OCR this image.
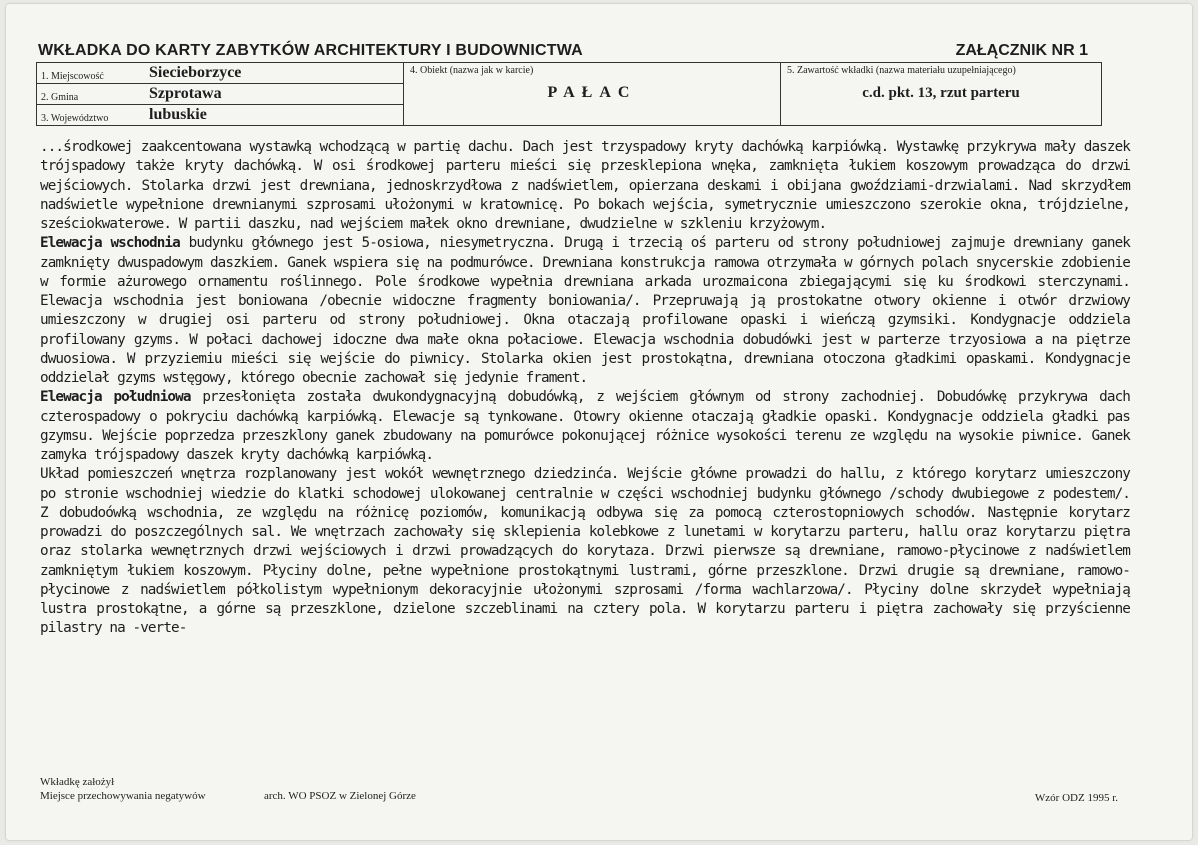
WKŁADKA DO KARTY ZABYTKÓW ARCHITEKTURY I BUDOWNICTWA	ZAŁĄCZNIK NR 1
1. Miejscowość	Siecieborzyce
2. Gmina	Szprotawa
3. Województwo	lubuskie

4. Obiekt (nazwa jak w karcie)
PAŁAC

5. Zawartość wkładki (nazwa materiału uzupełniającego)
c.d. pkt. 13, rzut parteru

...środkowej zaakcentowana wystawką wchodzącą w partię dachu. Dach jest trzyspadowy kryty dachówką karpiówką. Wystawkę przykrywa mały daszek trójspadowy także kryty dachówką. W osi środkowej parteru mieści się przesklepiona wnęka, zamknięta łukiem koszowym prowadząca do drzwi wejściowych. Stolarka drzwi jest drewniana, jednoskrzydłowa z nadświetlem, opierzana deskami i obijana gwoździami-drzwialami. Nad skrzydłem nadświetle wypełnione drewnianymi szprosami ułożonymi w kratownicę. Po bokach wejścia, symetrycznie umieszczono szerokie okna, trójdzielne, sześciokwaterowe. W partii daszku, nad wejściem małek okno drewniane, dwudzielne w szkleniu krzyżowym.

Elewacja wschodnia budynku głównego jest 5-osiowa, niesymetryczna. Drugą i trzecią oś parteru od strony południowej zajmuje drewniany ganek zamknięty dwuspadowym daszkiem. Ganek wspiera się na podmurówce. Drewniana konstrukcja ramowa otrzymała w górnych polach snycerskie zdobienie w formie ażurowego ornamentu roślinnego. Pole środkowe wypełnia drewniana arkada urozmaicona zbiegającymi się ku środkowi sterczynami. Elewacja wschodnia jest boniowana /obecnie widoczne fragmenty boniowania/. Przepruwają ją prostokatne otwory okienne i otwór drzwiowy umieszczony w drugiej osi parteru od strony południowej. Okna otaczają profilowane opaski i wieńczą gzymsiki. Kondygnacje oddziela profilowany gzyms. W połaci dachowej idoczne dwa małe okna połaciowe. Elewacja wschodnia dobudówki jest w parterze trzyosiowa a na piętrze dwuosiowa. W przyziemiu mieści się wejście do piwnicy. Stolarka okien jest prostokątna, drewniana otoczona gładkimi opaskami. Kondygnacje oddzielał gzyms wstęgowy, którego obecnie zachował się jedynie frament.

Elewacja południowa przesłonięta została dwukondygnacyjną dobudówką, z wejściem głównym od strony zachodniej. Dobudówkę przykrywa dach czterospadowy o pokryciu dachówką karpiówką. Elewacje są tynkowane. Otowry okienne otaczają gładkie opaski. Kondygnacje oddziela gładki pas gzymsu. Wejście poprzedza przeszklony ganek zbudowany na pomurówce pokonującej różnice wysokości terenu ze względu na wysokie piwnice. Ganek zamyka trójspadowy daszek kryty dachówką karpiówką.

Układ pomieszczeń wnętrza rozplanowany jest wokół wewnętrznego dziedzinća. Wejście główne prowadzi do hallu, z którego korytarz umieszczony po stronie wschodniej wiedzie do klatki schodowej ulokowanej centralnie w części wschodniej budynku głównego /schody dwubiegowe z podestem/. Z dobudoówką wschodnia, ze względu na różnicę poziomów, komunikacją odbywa się za pomocą czterostopniowych schodów. Następnie korytarz prowadzi do poszczególnych sal. We wnętrzach zachowały się sklepienia kolebkowe z lunetami w korytarzu parteru, hallu oraz korytarzu piętra oraz stolarka wewnętrznych drzwi wejściowych i drzwi prowadzących do korytaza. Drzwi pierwsze są drewniane, ramowo-płycinowe z nadświetlem zamkniętym łukiem koszowym. Płyciny dolne, pełne wypełnione prostokątnymi lustrami, górne przeszklone. Drzwi drugie są drewniane, ramowo-płycinowe z nadświetlem półkolistym wypełnionym dekoracyjnie ułożonymi szprosami /forma wachlarzowa/. Płyciny dolne skrzydeł wypełniają lustra prostokątne, a górne są przeszklone, dzielone szczeblinami na cztery pola. W korytarzu parteru i piętra zachowały się przyścienne pilastry na -verte-

Wkładkę założył
Miejsce przechowywania negatywów	arch. WO PSOZ w Zielonej Górze	Wzór ODZ 1995 r.
